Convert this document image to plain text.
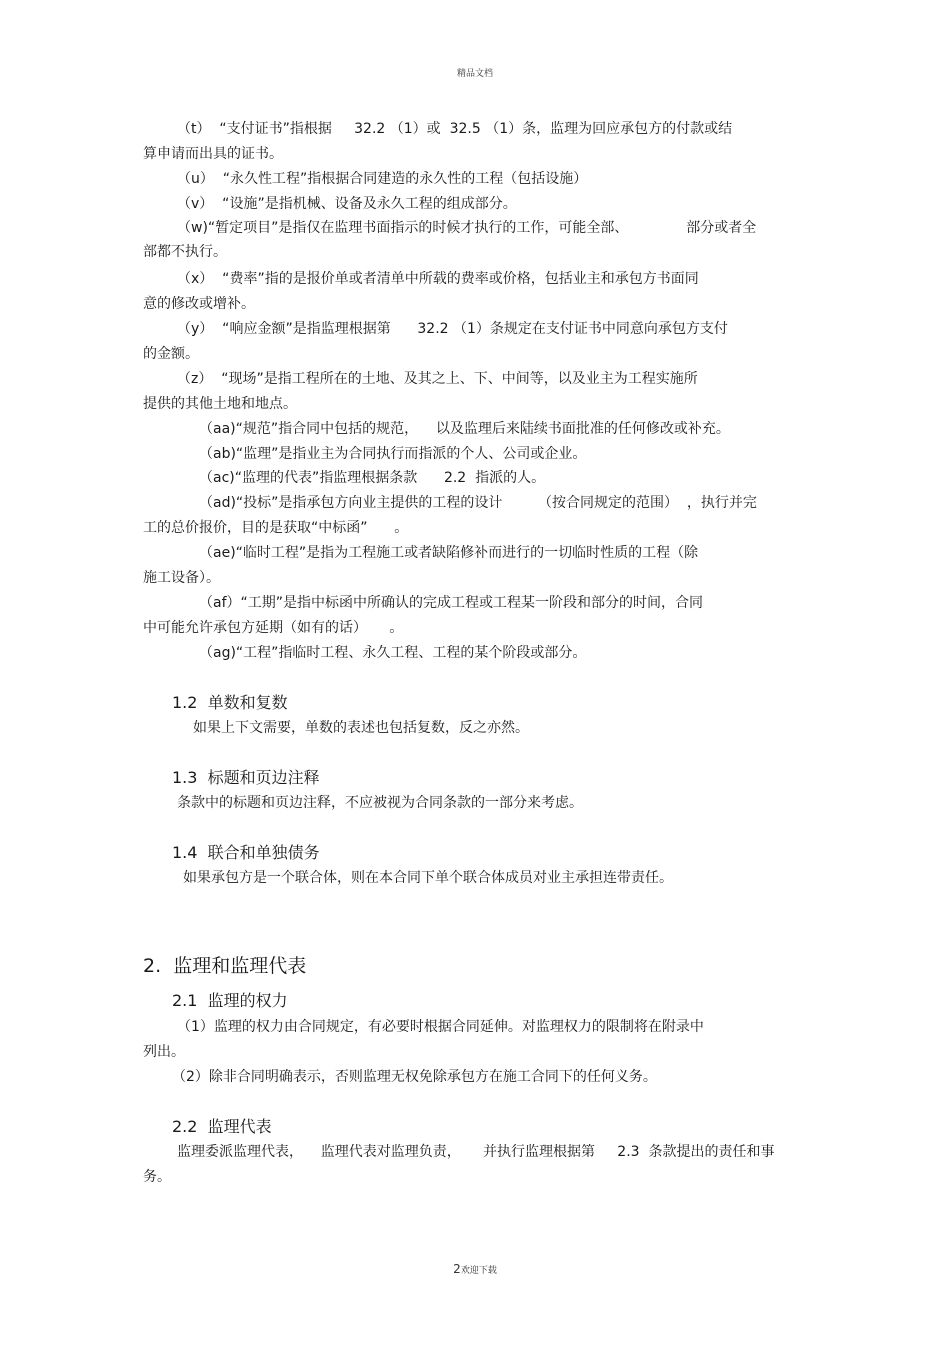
精品文档
（t）  “支付证书”指根据     32.2 （1）或  32.5 （1）条，监理为回应承包方的付款或结
算申请而出具的证书。
（u）  “永久性工程”指根据合同建造的永久性的工程（包括设施）
（v）  “设施”是指机械、设备及永久工程的组成部分。
（w)“暂定项目”是指仅在监理书面指示的时候才执行的工作，可能全部、             部分或者全
部都不执行。
（x）  “费率”指的是报价单或者清单中所载的费率或价格，包括业主和承包方书面同
意的修改或增补。
（y）  “响应金额”是指监理根据第      32.2 （1）条规定在支付证书中同意向承包方支付
的金额。
（z）  “现场”是指工程所在的土地、及其之上、下、中间等，以及业主为工程实施所
提供的其他土地和地点。
（aa)“规范”指合同中包括的规范，    以及监理后来陆续书面批准的任何修改或补充。
（ab)“监理”是指业主为合同执行而指派的个人、公司或企业。
（ac)“监理的代表”指监理根据条款      2.2  指派的人。
（ad)“投标”是指承包方向业主提供的工程的设计        （按合同规定的范围）  ，执行并完
工的总价报价，目的是获取“中标函”      。
（ae)“临时工程”是指为工程施工或者缺陷修补而进行的一切临时性质的工程（除
施工设备）。
（af）“工期”是指中标函中所确认的完成工程或工程某一阶段和部分的时间，合同
中可能允许承包方延期（如有的话）     。
（ag)“工程”指临时工程、永久工程、工程的某个阶段或部分。
1.2  单数和复数
如果上下文需要，单数的表述也包括复数，反之亦然。
1.3  标题和页边注释
条款中的标题和页边注释，不应被视为合同条款的一部分来考虑。
1.4  联合和单独债务
如果承包方是一个联合体，则在本合同下单个联合体成员对业主承担连带责任。
2.  监理和监理代表
2.1  监理的权力
（1）监理的权力由合同规定，有必要时根据合同延伸。对监理权力的限制将在附录中
列出。
（2）除非合同明确表示，否则监理无权免除承包方在施工合同下的任何义务。
2.2  监理代表
监理委派监理代表，    监理代表对监理负责，     并执行监理根据第     2.3  条款提出的责任和事
务。
2欢迎下载
